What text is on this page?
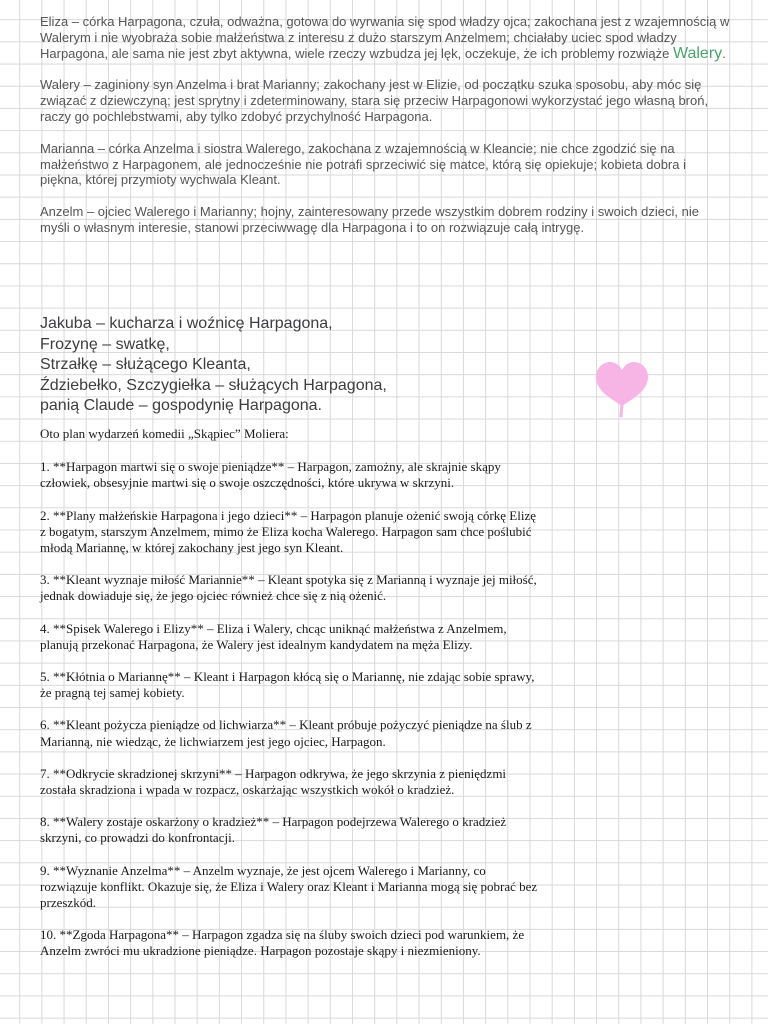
Eliza – córka Harpagona, czuła, odważna, gotowa do wyrwania się spod władzy ojca; zakochana jest z wzajemnością w Walerym i nie wyobraża sobie małżeństwa z interesu z dużo starszym Anzelmem; chciałaby uciec spod władzy Harpagona, ale sama nie jest zbyt aktywna, wiele rzeczy wzbudza jej lęk, oczekuje, że ich problemy rozwiąże Walery.

Walery – zaginiony syn Anzelma i brat Marianny; zakochany jest w Elizie, od początku szuka sposobu, aby móc się związać z dziewczyną; jest sprytny i zdeterminowany, stara się przeciw Harpagonowi wykorzystać jego własną broń, raczy go pochlebstwami, aby tylko zdobyć przychylność Harpagona.

Marianna – córka Anzelma i siostra Walerego, zakochana z wzajemnością w Kleancie; nie chce zgodzić się na małżeństwo z Harpagonem, ale jednocześnie nie potrafi sprzeciwić się matce, którą się opiekuje; kobieta dobra i piękna, której przymioty wychwala Kleant.

Anzelm – ojciec Walerego i Marianny; hojny, zainteresowany przede wszystkim dobrem rodziny i swoich dzieci, nie myśli o własnym interesie, stanowi przeciwwagę dla Harpagona i to on rozwiązuje całą intrygę.

Jakuba – kucharza i woźnicę Harpagona,
Frozynę – swatkę,
Strzałkę – służącego Kleanta,
Ździebełko, Szczygiełka – służących Harpagona,
panią Claude – gospodynię Harpagona.

Oto plan wydarzeń komedii „Skąpiec” Moliera:

1. **Harpagon martwi się o swoje pieniądze** – Harpagon, zamożny, ale skrajnie skąpy człowiek, obsesyjnie martwi się o swoje oszczędności, które ukrywa w skrzyni.

2. **Plany małżeńskie Harpagona i jego dzieci** – Harpagon planuje ożenić swoją córkę Elizę z bogatym, starszym Anzelmem, mimo że Eliza kocha Walerego. Harpagon sam chce poślubić młodą Mariannę, w której zakochany jest jego syn Kleant.

3. **Kleant wyznaje miłość Mariannie** – Kleant spotyka się z Marianną i wyznaje jej miłość, jednak dowiaduje się, że jego ojciec również chce się z nią ożenić.

4. **Spisek Walerego i Elizy** – Eliza i Walery, chcąc uniknąć małżeństwa z Anzelmem, planują przekonać Harpagona, że Walery jest idealnym kandydatem na męża Elizy.

5. **Kłótnia o Mariannę** – Kleant i Harpagon kłócą się o Mariannę, nie zdając sobie sprawy, że pragną tej samej kobiety.

6. **Kleant pożycza pieniądze od lichwiarza** – Kleant próbuje pożyczyć pieniądze na ślub z Marianną, nie wiedząc, że lichwiarzem jest jego ojciec, Harpagon.

7. **Odkrycie skradzionej skrzyni** – Harpagon odkrywa, że jego skrzynia z pieniędzmi została skradziona i wpada w rozpacz, oskarżając wszystkich wokół o kradzież.

8. **Walery zostaje oskarżony o kradzież** – Harpagon podejrzewa Walerego o kradzież skrzyni, co prowadzi do konfrontacji.

9. **Wyznanie Anzelma** – Anzelm wyznaje, że jest ojcem Walerego i Marianny, co rozwiązuje konflikt. Okazuje się, że Eliza i Walery oraz Kleant i Marianna mogą się pobrać bez przeszkód.

10. **Zgoda Harpagona** – Harpagon zgadza się na śluby swoich dzieci pod warunkiem, że Anzelm zwróci mu ukradzione pieniądze. Harpagon pozostaje skąpy i niezmieniony.
